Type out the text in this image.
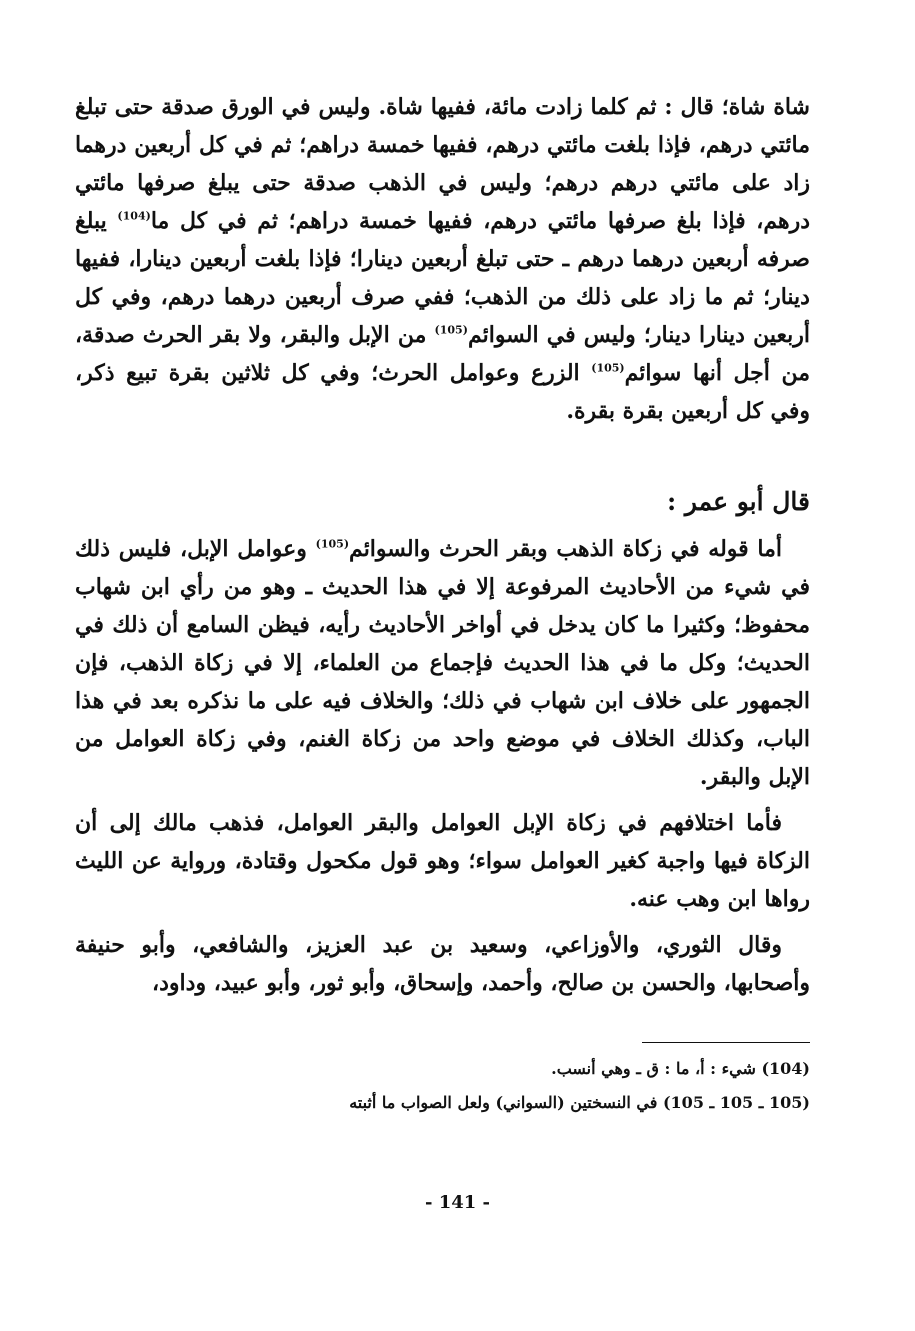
شاة شاة؛ قال : ثم كلما زادت مائة، ففيها شاة. وليس في الورق صدقة حتى تبلغ مائتي درهم، فإذا بلغت مائتي درهم، ففيها خمسة دراهم؛ ثم في كل أربعين درهما زاد على مائتي درهم درهم؛ وليس في الذهب صدقة حتى يبلغ صرفها مائتي درهم، فإذا بلغ صرفها مائتي درهم، ففيها خمسة دراهم؛ ثم في كل ما$^{(104)}$ يبلغ صرفه أربعين درهما درهم ـ حتى تبلغ أربعين دينارا؛ فإذا بلغت أربعين دينارا، ففيها دينار؛ ثم ما زاد على ذلك من الذهب؛ ففي صرف أربعين درهما درهم، وفي كل أربعين دينارا دينار؛ وليس في السوائم$^{(105)}$ من الإبل والبقر، ولا بقر الحرث صدقة، من أجل أنها سوائم$^{(105)}$ الزرع وعوامل الحرث؛ وفي كل ثلاثين بقرة تبيع ذكر، وفي كل أربعين بقرة بقرة.
قال أبو عمر :

أما قوله في زكاة الذهب وبقر الحرث والسوائم$^{(105)}$ وعوامل الإبل، فليس ذلك في شيء من الأحاديث المرفوعة إلا في هذا الحديث ـ وهو من رأي ابن شهاب محفوظ؛ وكثيرا ما كان يدخل في أواخر الأحاديث رأيه، فيظن السامع أن ذلك في الحديث؛ وكل ما في هذا الحديث فإجماع من العلماء، إلا في زكاة الذهب، فإن الجمهور على خلاف ابن شهاب في ذلك؛ والخلاف فيه على ما نذكره بعد في هذا الباب، وكذلك الخلاف في موضع واحد من زكاة الغنم، وفي زكاة العوامل من الإبل والبقر.

فأما اختلافهم في زكاة الإبل العوامل والبقر العوامل، فذهب مالك إلى أن الزكاة فيها واجبة كغير العوامل سواء؛ وهو قول مكحول وقتادة، ورواية عن الليث رواها ابن وهب عنه.

وقال الثوري، والأوزاعي، وسعيد بن عبد العزيز، والشافعي، وأبو حنيفة وأصحابها، والحسن بن صالح، وأحمد، وإسحاق، وأبو ثور، وأبو عبيد، وداود،

(104) شيء : أ، ما : ق ـ وهي أنسب.
(105 ـ 105 ـ 105) في النسختين (السواني) ولعل الصواب ما أثبته
- 141 -
